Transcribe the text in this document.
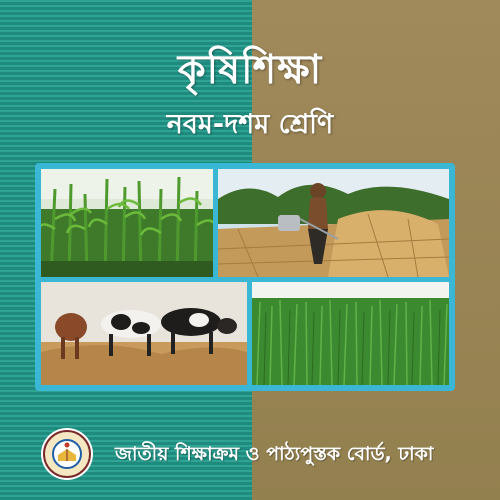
কৃষিশিক্ষা
নবম-দশম শ্রেণি
জাতীয় শিক্ষাক্রম ও পাঠ্যপুস্তক বোর্ড, ঢাকা
